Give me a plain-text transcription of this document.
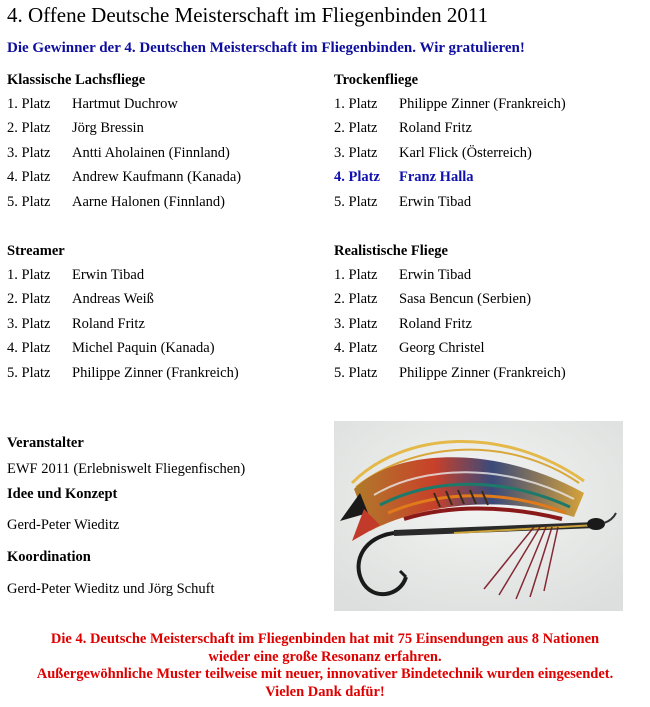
4. Offene Deutsche Meisterschaft im Fliegenbinden 2011
Die Gewinner der 4. Deutschen Meisterschaft im Fliegenbinden. Wir gratulieren!
Klassische Lachsfliege
1. Platz Hartmut Duchrow
2. Platz Jörg Bressin
3. Platz Antti Aholainen (Finnland)
4. Platz Andrew Kaufmann (Kanada)
5. Platz Aarne Halonen (Finnland)
Trockenfliege
1. Platz Philippe Zinner (Frankreich)
2. Platz Roland Fritz
3. Platz Karl Flick (Österreich)
4. Platz Franz Halla
5. Platz Erwin Tibad
Streamer
1. Platz Erwin Tibad
2. Platz Andreas Weiß
3. Platz Roland Fritz
4. Platz Michel Paquin (Kanada)
5. Platz Philippe Zinner (Frankreich)
Realistische Fliege
1. Platz Erwin Tibad
2. Platz Sasa Bencun (Serbien)
3. Platz Roland Fritz
4. Platz Georg Christel
5. Platz Philippe Zinner (Frankreich)
Veranstalter
EWF 2011 (Erlebniswelt Fliegenfischen)
Idee und Konzept
Gerd-Peter Wieditz
Koordination
Gerd-Peter Wieditz und Jörg Schuft
Die 4. Deutsche Meisterschaft im Fliegenbinden hat mit 75 Einsendungen aus 8 Nationen
wieder eine große Resonanz erfahren.
Außergewöhnliche Muster teilweise mit neuer, innovativer Bindetechnik wurden eingesendet.
Vielen Dank dafür!
